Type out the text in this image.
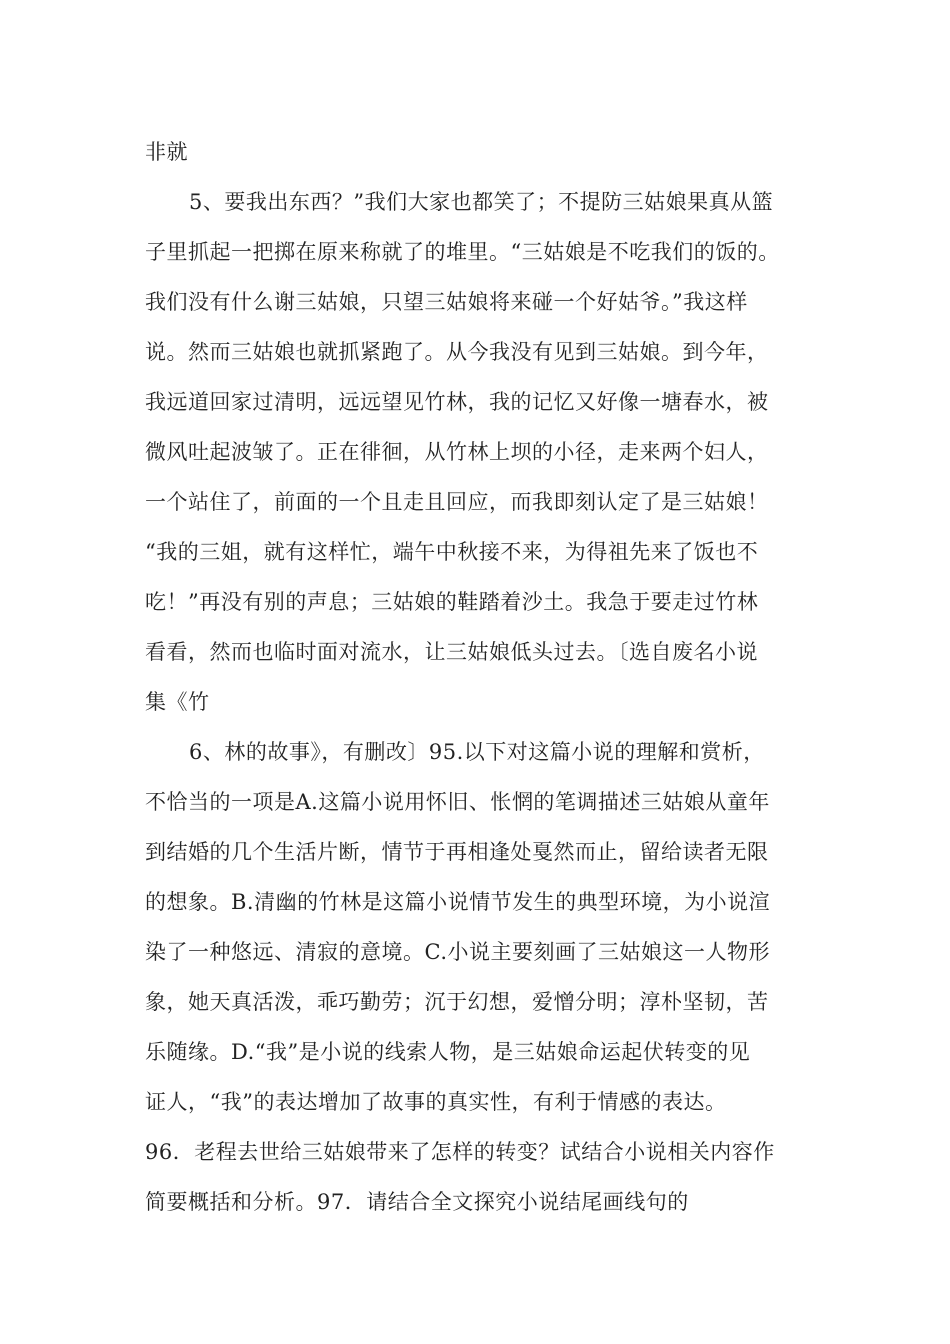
非就
5、要我出东西？”我们大家也都笑了；不提防三姑娘果真从篮
子里抓起一把掷在原来称就了的堆里。“三姑娘是不吃我们的饭的。
我们没有什么谢三姑娘，只望三姑娘将来碰一个好姑爷。”我这样
说。然而三姑娘也就抓紧跑了。从今我没有见到三姑娘。到今年，
我远道回家过清明，远远望见竹林，我的记忆又好像一塘春水，被
微风吐起波皱了。正在徘徊，从竹林上坝的小径，走来两个妇人，
一个站住了，前面的一个且走且回应，而我即刻认定了是三姑娘！
“我的三姐，就有这样忙，端午中秋接不来，为得祖先来了饭也不
吃！”再没有别的声息；三姑娘的鞋踏着沙土。我急于要走过竹林
看看，然而也临时面对流水，让三姑娘低头过去。〔选自废名小说
集《竹
6、林的故事》，有删改〕95.以下对这篇小说的理解和赏析，
不恰当的一项是A.这篇小说用怀旧、怅惘的笔调描述三姑娘从童年
到结婚的几个生活片断，情节于再相逢处戛然而止，留给读者无限
的想象。B.清幽的竹林是这篇小说情节发生的典型环境，为小说渲
染了一种悠远、清寂的意境。C.小说主要刻画了三姑娘这一人物形
象，她天真活泼，乖巧勤劳；沉于幻想，爱憎分明；淳朴坚韧，苦
乐随缘。D.“我”是小说的线索人物，是三姑娘命运起伏转变的见
证人，“我”的表达增加了故事的真实性，有利于情感的表达。
96．老程去世给三姑娘带来了怎样的转变？试结合小说相关内容作
简要概括和分析。97．请结合全文探究小说结尾画线句的
